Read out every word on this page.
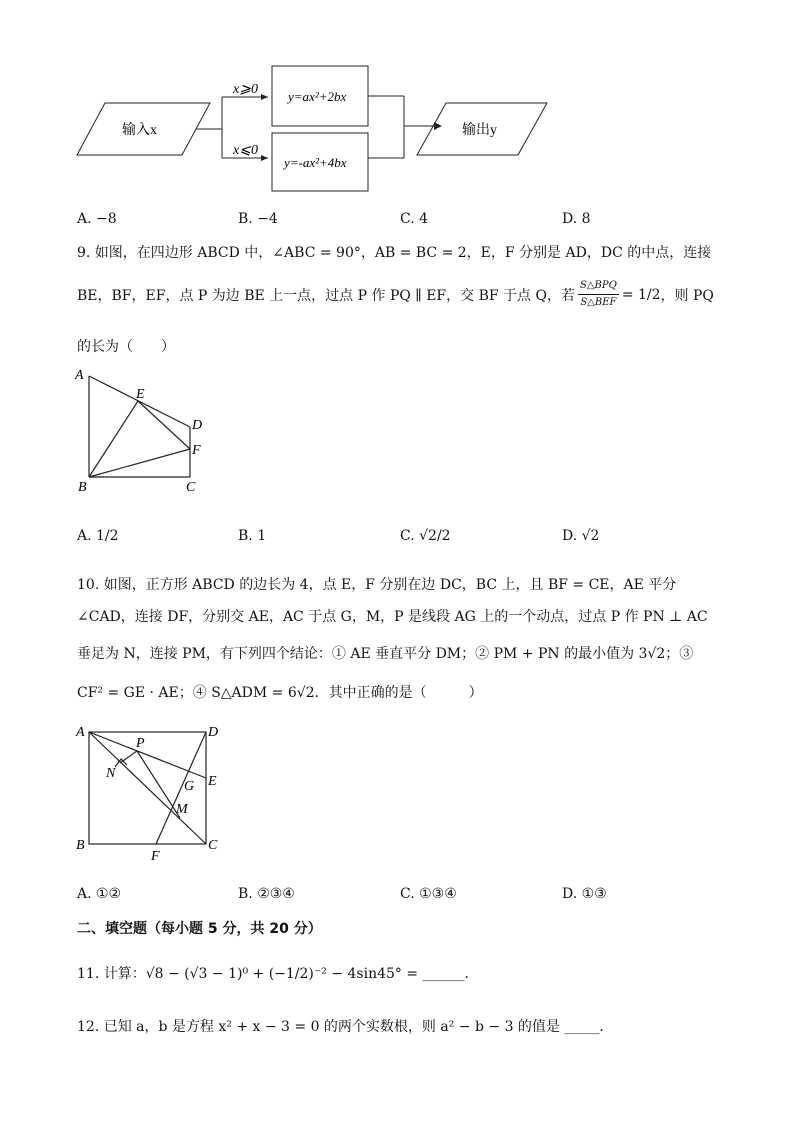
输入x
x⩾0
x⩽0
y=ax²+2bx
y=-ax²+4bx
输出y
A. −8	B. −4	C. 4	D. 8
9. 如图，在四边形 ABCD 中，∠ABC = 90°，AB = BC = 2，E，F 分别是 AD，DC 的中点，连接
BE，BF，EF，点 P 为边 BE 上一点，过点 P 作 PQ ∥ EF，交 BF 于点 Q，若 $\frac{\text{S△BPQ}}{\text{S△BEF}} = 1/2$ ，则 PQ
的长为（　　）
A
E
D
F
B	C
A. 1/2	B. 1	C. √2/2	D. √2
10. 如图，正方形 ABCD 的边长为 4，点 E，F 分别在边 DC，BC 上，且 BF = CE，AE 平分
∠CAD，连接 DF，分别交 AE，AC 于点 G，M，P 是线段 AG 上的一个动点，过点 P 作 PN ⊥ AC
垂足为 N，连接 PM，有下列四个结论：① AE 垂直平分 DM；② PM + PN 的最小值为 3√2；③
CF² = GE · AE；④ S△ADM = 6√2．其中正确的是（　　　）
A
P
D
N
E
G
M
B
F
C
A. ①②	B. ②③④	C. ①③④	D. ①③
二、填空题（每小题 5 分，共 20 分）
11. 计算：√8 − (√3 − 1)⁰ + (−1/2)⁻² − 4sin45° = ______．
12. 已知 a，b 是方程 x² + x − 3 = 0 的两个实数根，则 a² − b − 3 的值是 _____．
